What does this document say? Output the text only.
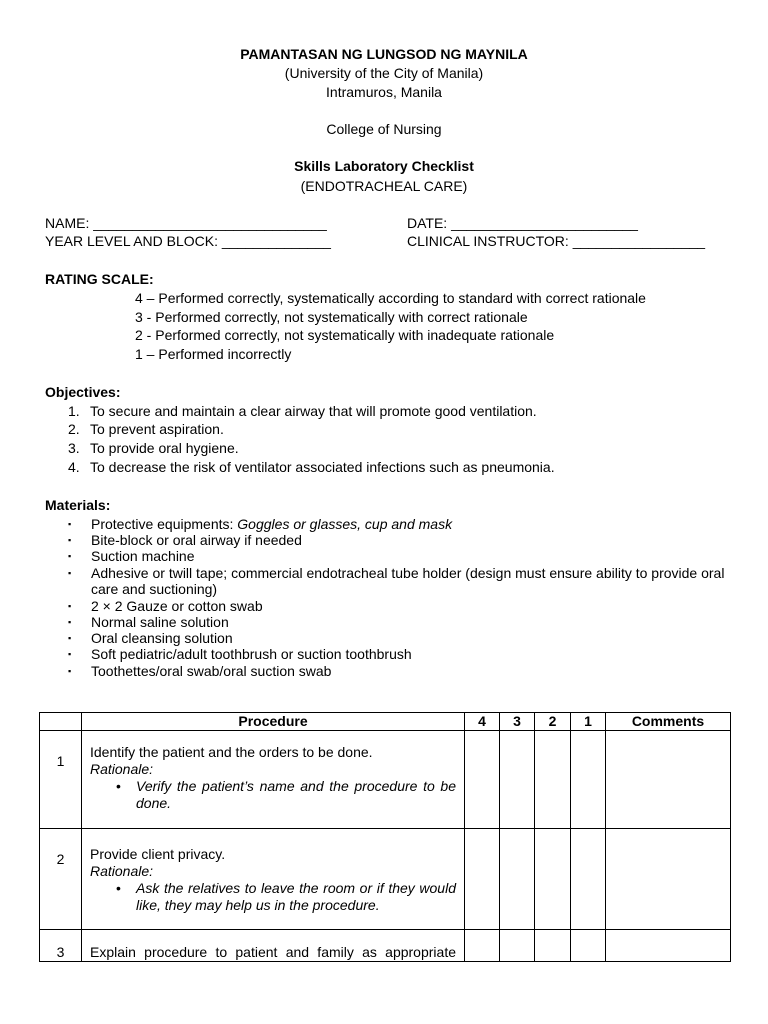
PAMANTASAN NG LUNGSOD NG MAYNILA
(University of the City of Manila)
Intramuros, Manila
College of Nursing
Skills Laboratory Checklist
(ENDOTRACHEAL CARE)
NAME: ______________________________	DATE: ________________________
YEAR LEVEL AND BLOCK: ______________	CLINICAL INSTRUCTOR: _________________
RATING SCALE:
4 – Performed correctly, systematically according to standard with correct rationale
3 - Performed correctly, not systematically with correct rationale
2 - Performed correctly, not systematically with inadequate rationale
1 – Performed incorrectly
Objectives:
1. To secure and maintain a clear airway that will promote good ventilation.
2. To prevent aspiration.
3. To provide oral hygiene.
4. To decrease the risk of ventilator associated infections such as pneumonia.
Materials:
▪ Protective equipments: Goggles or glasses, cup and mask
▪ Bite-block or oral airway if needed
▪ Suction machine
▪ Adhesive or twill tape; commercial endotracheal tube holder (design must ensure ability to provide oral care and suctioning)
▪ 2 × 2 Gauze or cotton swab
▪ Normal saline solution
▪ Oral cleansing solution
▪ Soft pediatric/adult toothbrush or suction toothbrush
▪ Toothettes/oral swab/oral suction swab
	Procedure	4	3	2	1	Comments
1	Identify the patient and the orders to be done.
Rationale:
• Verify the patient’s name and the procedure to be done.					

2	Provide client privacy.
Rationale:
• Ask the relatives to leave the room or if they would like, they may help us in the procedure.					

3	Explain procedure to patient and family as appropriate					
